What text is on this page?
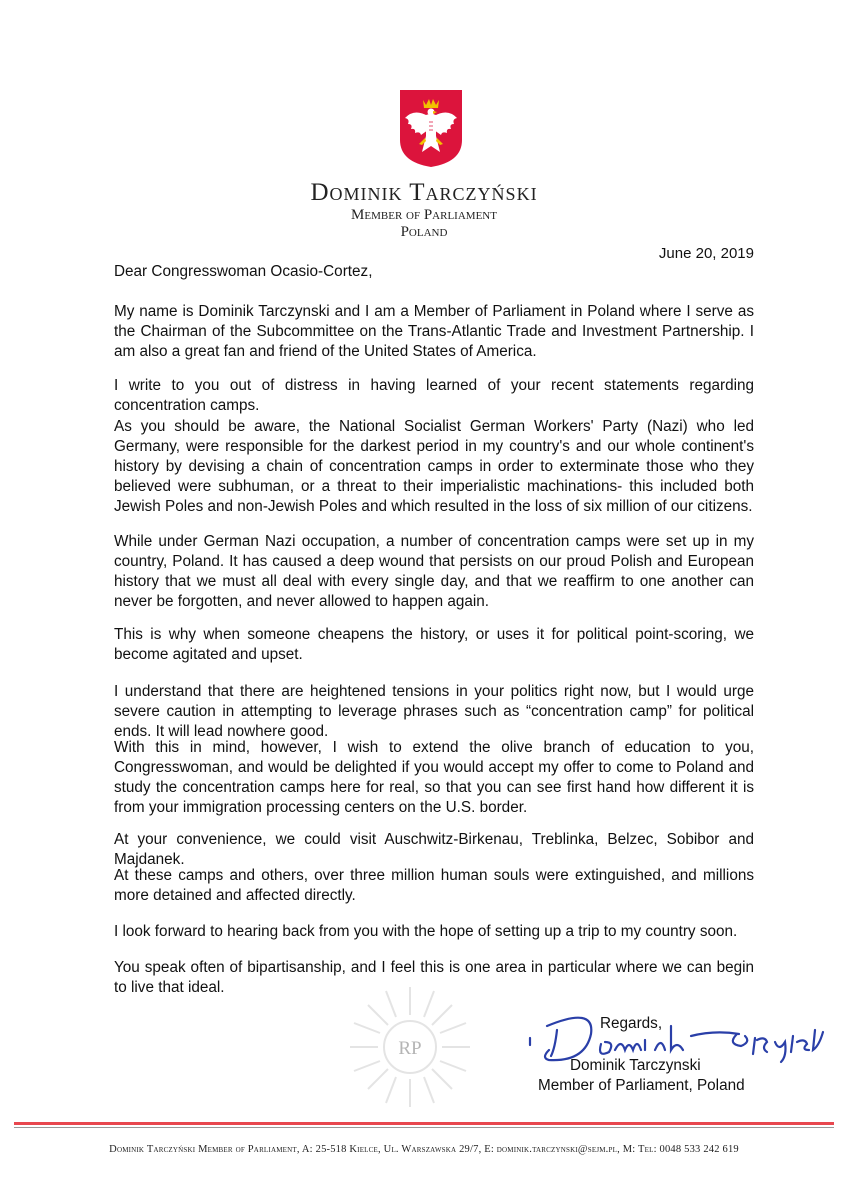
Dominik Tarczyński
Member of Parliament
Poland
June 20, 2019

Dear Congresswoman Ocasio-Cortez,

My name is Dominik Tarczynski and I am a Member of Parliament in Poland where I serve as the Chairman of the Subcommittee on the Trans-Atlantic Trade and Investment Partnership. I am also a great fan and friend of the United States of America.

I write to you out of distress in having learned of your recent statements regarding concentration camps.

As you should be aware, the National Socialist German Workers' Party (Nazi) who led Germany, were responsible for the darkest period in my country's and our whole continent's history by devising a chain of concentration camps in order to exterminate those who they believed were subhuman, or a threat to their imperialistic machinations- this included both Jewish Poles and non-Jewish Poles and which resulted in the loss of six million of our citizens.

While under German Nazi occupation, a number of concentration camps were set up in my country, Poland. It has caused a deep wound that persists on our proud Polish and European history that we must all deal with every single day, and that we reaffirm to one another can never be forgotten, and never allowed to happen again.

This is why when someone cheapens the history, or uses it for political point-scoring, we become agitated and upset.

I understand that there are heightened tensions in your politics right now, but I would urge severe caution in attempting to leverage phrases such as “concentration camp” for political ends. It will lead nowhere good.

With this in mind, however, I wish to extend the olive branch of education to you, Congresswoman, and would be delighted if you would accept my offer to come to Poland and study the concentration camps here for real, so that you can see first hand how different it is from your immigration processing centers on the U.S. border.

At your convenience, we could visit Auschwitz-Birkenau, Treblinka, Belzec, Sobibor and Majdanek.

At these camps and others, over three million human souls were extinguished, and millions more detained and affected directly.

I look forward to hearing back from you with the hope of setting up a trip to my country soon.

You speak often of bipartisanship, and I feel this is one area in particular where we can begin to live that ideal.

RP
Regards,
Dominik Tarczynski
Member of Parliament, Poland
Dominik Tarczyński Member of Parliament, A: 25-518 Kielce, Ul. Warszawska 29/7, E: dominik.tarczynski@sejm.pl, M: Tel: 0048 533 242 619
